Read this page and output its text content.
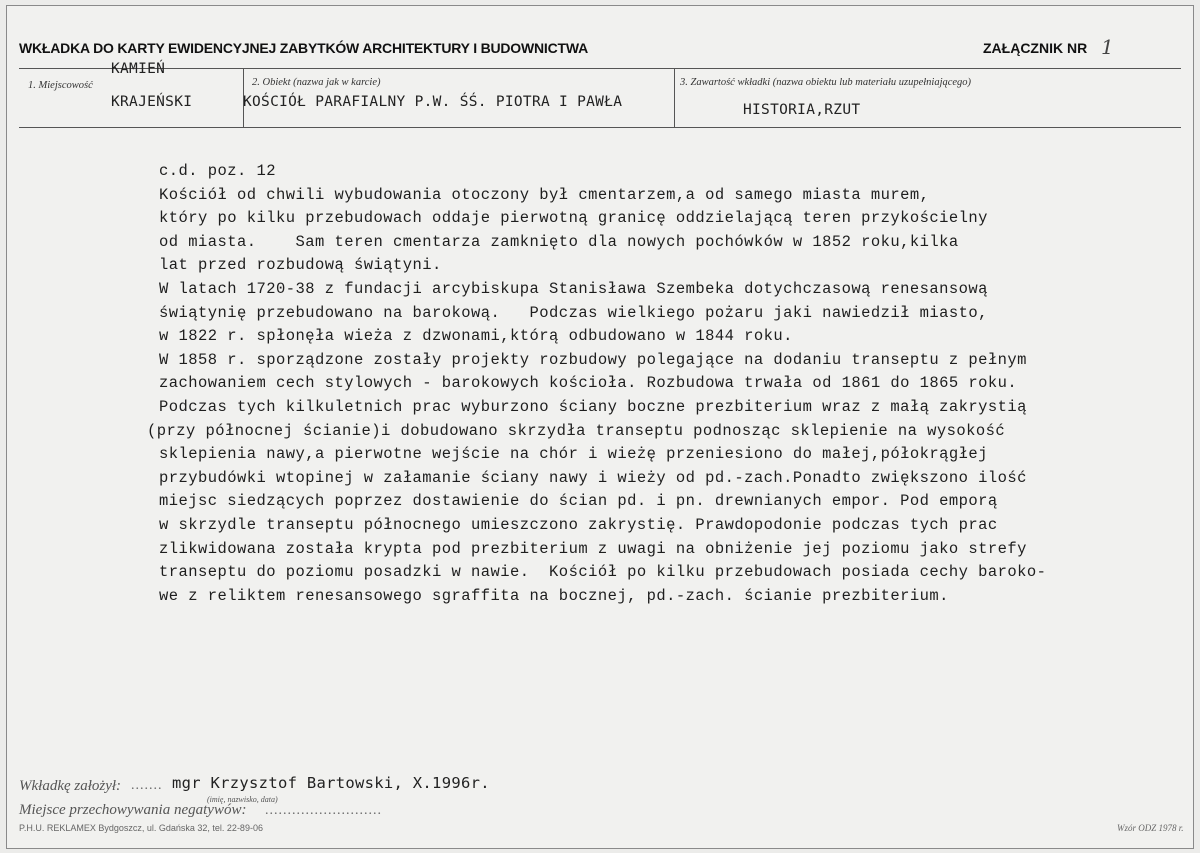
WKŁADKA DO KARTY EWIDENCYJNEJ ZABYTKÓW ARCHITEKTURY I BUDOWNICTWA	ZAŁĄCZNIK NR 1
1. Miejscowość
KAMIEŃ
KRAJEŃSKI
2. Obiekt (nazwa jak w karcie)
KOŚCIÓŁ PARAFIALNY P.W. ŚŚ. PIOTRA I PAWŁA
3. Zawartość wkładki (nazwa obiektu lub materiału uzupełniającego)
HISTORIA,RZUT
c.d. poz. 12
Kościół od chwili wybudowania otoczony był cmentarzem,a od samego miasta murem,
który po kilku przebudowach oddaje pierwotną granicę oddzielającą teren przykościelny
od miasta.    Sam teren cmentarza zamknięto dla nowych pochówków w 1852 roku,kilka
lat przed rozbudową świątyni.
W latach 1720-38 z fundacji arcybiskupa Stanisława Szembeka dotychczasową renesansową
świątynię przebudowano na barokową.   Podczas wielkiego pożaru jaki nawiedził miasto,
w 1822 r. spłonęła wieża z dzwonami,którą odbudowano w 1844 roku.
W 1858 r. sporządzone zostały projekty rozbudowy polegające na dodaniu transeptu z pełnym
zachowaniem cech stylowych - barokowych kościoła. Rozbudowa trwała od 1861 do 1865 roku.
Podczas tych kilkuletnich prac wyburzono ściany boczne prezbiterium wraz z małą zakrystią
(przy północnej ścianie)i dobudowano skrzydła transeptu podnosząc sklepienie na wysokość
sklepienia nawy,a pierwotne wejście na chór i wieżę przeniesiono do małej,półokrągłej
przybudówki wtopinej w załamanie ściany nawy i wieży od pd.-zach.Ponadto zwiększono ilość
miejsc siedzących poprzez dostawienie do ścian pd. i pn. drewnianych empor. Pod emporą
w skrzydle transeptu północnego umieszczono zakrystię. Prawdopodonie podczas tych prac
zlikwidowana została krypta pod prezbiterium z uwagi na obniżenie jej poziomu jako strefy
transeptu do poziomu posadzki w nawie.  Kościół po kilku przebudowach posiada cechy baroko-
we z reliktem renesansowego sgraffita na bocznej, pd.-zach. ścianie prezbiterium.
Wkładkę założył: ....... mgr Krzysztof Bartowski, X.1996r.
(imię, nazwisko, data)
Miejsce przechowywania negatywów: ..........................
P.H.U. REKLAMEX Bydgoszcz, ul. Gdańska 32, tel. 22-89-06	Wzór ODZ 1978 r.
